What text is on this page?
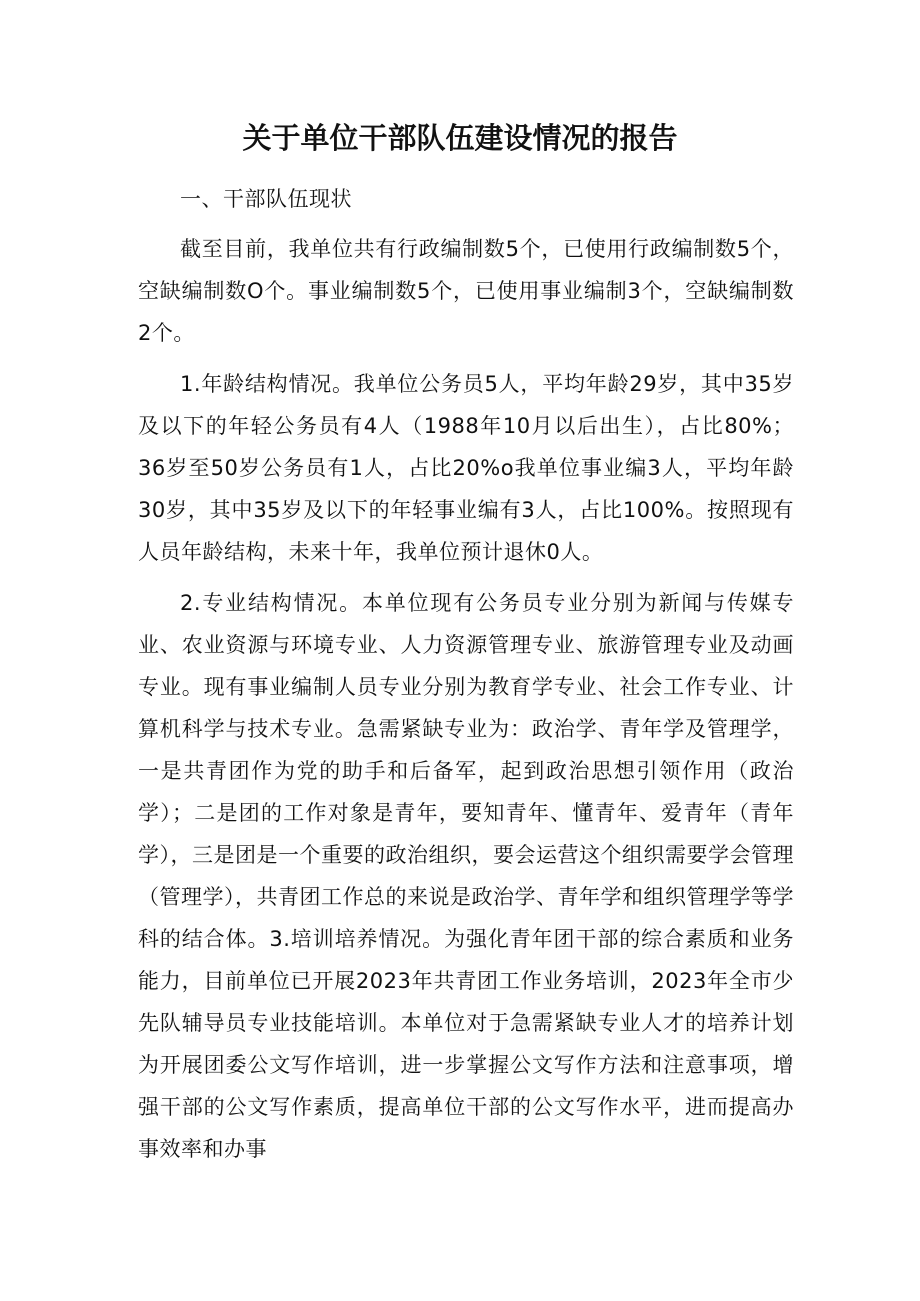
关于单位干部队伍建设情况的报告

一、干部队伍现状

截至目前，我单位共有行政编制数5个，已使用行政编制数5个，空缺编制数O个。事业编制数5个，已使用事业编制3个，空缺编制数2个。

1.年龄结构情况。我单位公务员5人，平均年龄29岁，其中35岁及以下的年轻公务员有4人（1988年10月以后出生），占比80%；36岁至50岁公务员有1人，占比20%o我单位事业编3人，平均年龄30岁，其中35岁及以下的年轻事业编有3人，占比100%。按照现有人员年龄结构，未来十年，我单位预计退休0人。

2.专业结构情况。本单位现有公务员专业分别为新闻与传媒专业、农业资源与环境专业、人力资源管理专业、旅游管理专业及动画专业。现有事业编制人员专业分别为教育学专业、社会工作专业、计算机科学与技术专业。急需紧缺专业为：政治学、青年学及管理学，一是共青团作为党的助手和后备军，起到政治思想引领作用（政治学）；二是团的工作对象是青年，要知青年、懂青年、爱青年（青年学），三是团是一个重要的政治组织，要会运营这个组织需要学会管理（管理学），共青团工作总的来说是政治学、青年学和组织管理学等学科的结合体。3.培训培养情况。为强化青年团干部的综合素质和业务能力，目前单位已开展2023年共青团工作业务培训，2023年全市少先队辅导员专业技能培训。本单位对于急需紧缺专业人才的培养计划为开展团委公文写作培训，进一步掌握公文写作方法和注意事项，增强干部的公文写作素质，提高单位干部的公文写作水平，进而提高办事效率和办事
